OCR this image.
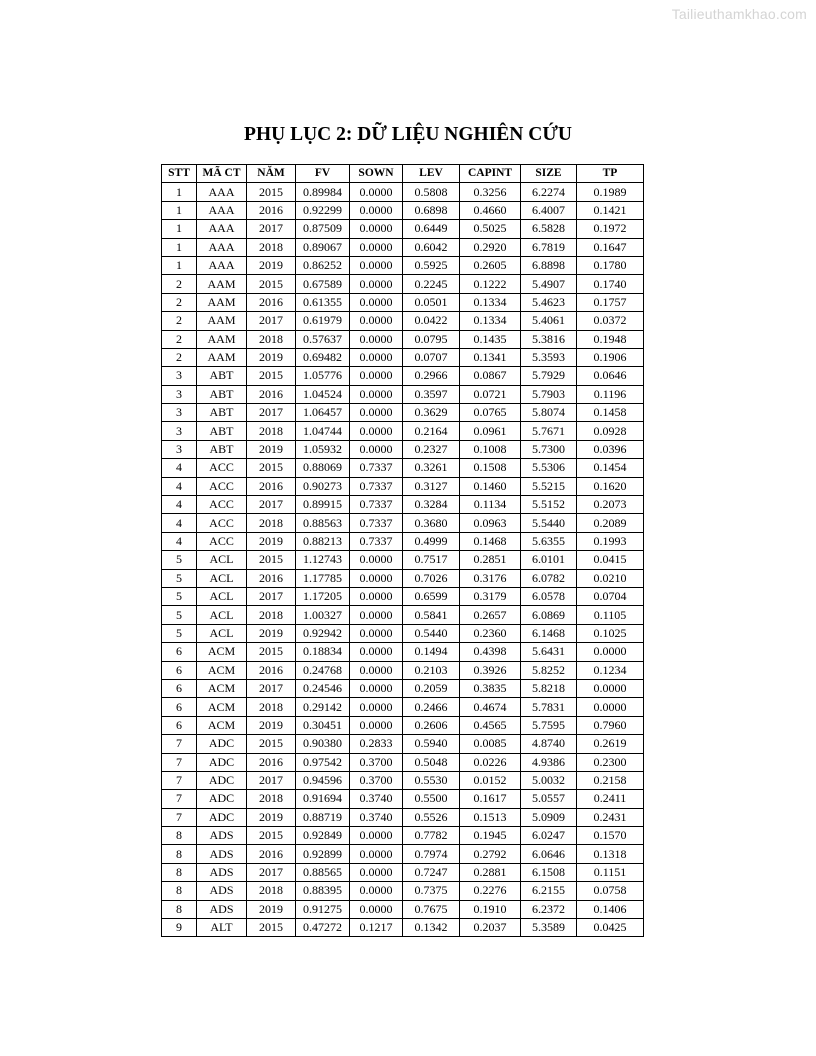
Tailieuthamkhao.com
PHỤ LỤC 2: DỮ LIỆU NGHIÊN CỨU
STT	MÃ CT	NĂM	FV	SOWN	LEV	CAPINT	SIZE	TP
1	AAA	2015	0.89984	0.0000	0.5808	0.3256	6.2274	0.1989
1	AAA	2016	0.92299	0.0000	0.6898	0.4660	6.4007	0.1421
1	AAA	2017	0.87509	0.0000	0.6449	0.5025	6.5828	0.1972
1	AAA	2018	0.89067	0.0000	0.6042	0.2920	6.7819	0.1647
1	AAA	2019	0.86252	0.0000	0.5925	0.2605	6.8898	0.1780
2	AAM	2015	0.67589	0.0000	0.2245	0.1222	5.4907	0.1740
2	AAM	2016	0.61355	0.0000	0.0501	0.1334	5.4623	0.1757
2	AAM	2017	0.61979	0.0000	0.0422	0.1334	5.4061	0.0372
2	AAM	2018	0.57637	0.0000	0.0795	0.1435	5.3816	0.1948
2	AAM	2019	0.69482	0.0000	0.0707	0.1341	5.3593	0.1906
3	ABT	2015	1.05776	0.0000	0.2966	0.0867	5.7929	0.0646
3	ABT	2016	1.04524	0.0000	0.3597	0.0721	5.7903	0.1196
3	ABT	2017	1.06457	0.0000	0.3629	0.0765	5.8074	0.1458
3	ABT	2018	1.04744	0.0000	0.2164	0.0961	5.7671	0.0928
3	ABT	2019	1.05932	0.0000	0.2327	0.1008	5.7300	0.0396
4	ACC	2015	0.88069	0.7337	0.3261	0.1508	5.5306	0.1454
4	ACC	2016	0.90273	0.7337	0.3127	0.1460	5.5215	0.1620
4	ACC	2017	0.89915	0.7337	0.3284	0.1134	5.5152	0.2073
4	ACC	2018	0.88563	0.7337	0.3680	0.0963	5.5440	0.2089
4	ACC	2019	0.88213	0.7337	0.4999	0.1468	5.6355	0.1993
5	ACL	2015	1.12743	0.0000	0.7517	0.2851	6.0101	0.0415
5	ACL	2016	1.17785	0.0000	0.7026	0.3176	6.0782	0.0210
5	ACL	2017	1.17205	0.0000	0.6599	0.3179	6.0578	0.0704
5	ACL	2018	1.00327	0.0000	0.5841	0.2657	6.0869	0.1105
5	ACL	2019	0.92942	0.0000	0.5440	0.2360	6.1468	0.1025
6	ACM	2015	0.18834	0.0000	0.1494	0.4398	5.6431	0.0000
6	ACM	2016	0.24768	0.0000	0.2103	0.3926	5.8252	0.1234
6	ACM	2017	0.24546	0.0000	0.2059	0.3835	5.8218	0.0000
6	ACM	2018	0.29142	0.0000	0.2466	0.4674	5.7831	0.0000
6	ACM	2019	0.30451	0.0000	0.2606	0.4565	5.7595	0.7960
7	ADC	2015	0.90380	0.2833	0.5940	0.0085	4.8740	0.2619
7	ADC	2016	0.97542	0.3700	0.5048	0.0226	4.9386	0.2300
7	ADC	2017	0.94596	0.3700	0.5530	0.0152	5.0032	0.2158
7	ADC	2018	0.91694	0.3740	0.5500	0.1617	5.0557	0.2411
7	ADC	2019	0.88719	0.3740	0.5526	0.1513	5.0909	0.2431
8	ADS	2015	0.92849	0.0000	0.7782	0.1945	6.0247	0.1570
8	ADS	2016	0.92899	0.0000	0.7974	0.2792	6.0646	0.1318
8	ADS	2017	0.88565	0.0000	0.7247	0.2881	6.1508	0.1151
8	ADS	2018	0.88395	0.0000	0.7375	0.2276	6.2155	0.0758
8	ADS	2019	0.91275	0.0000	0.7675	0.1910	6.2372	0.1406
9	ALT	2015	0.47272	0.1217	0.1342	0.2037	5.3589	0.0425
